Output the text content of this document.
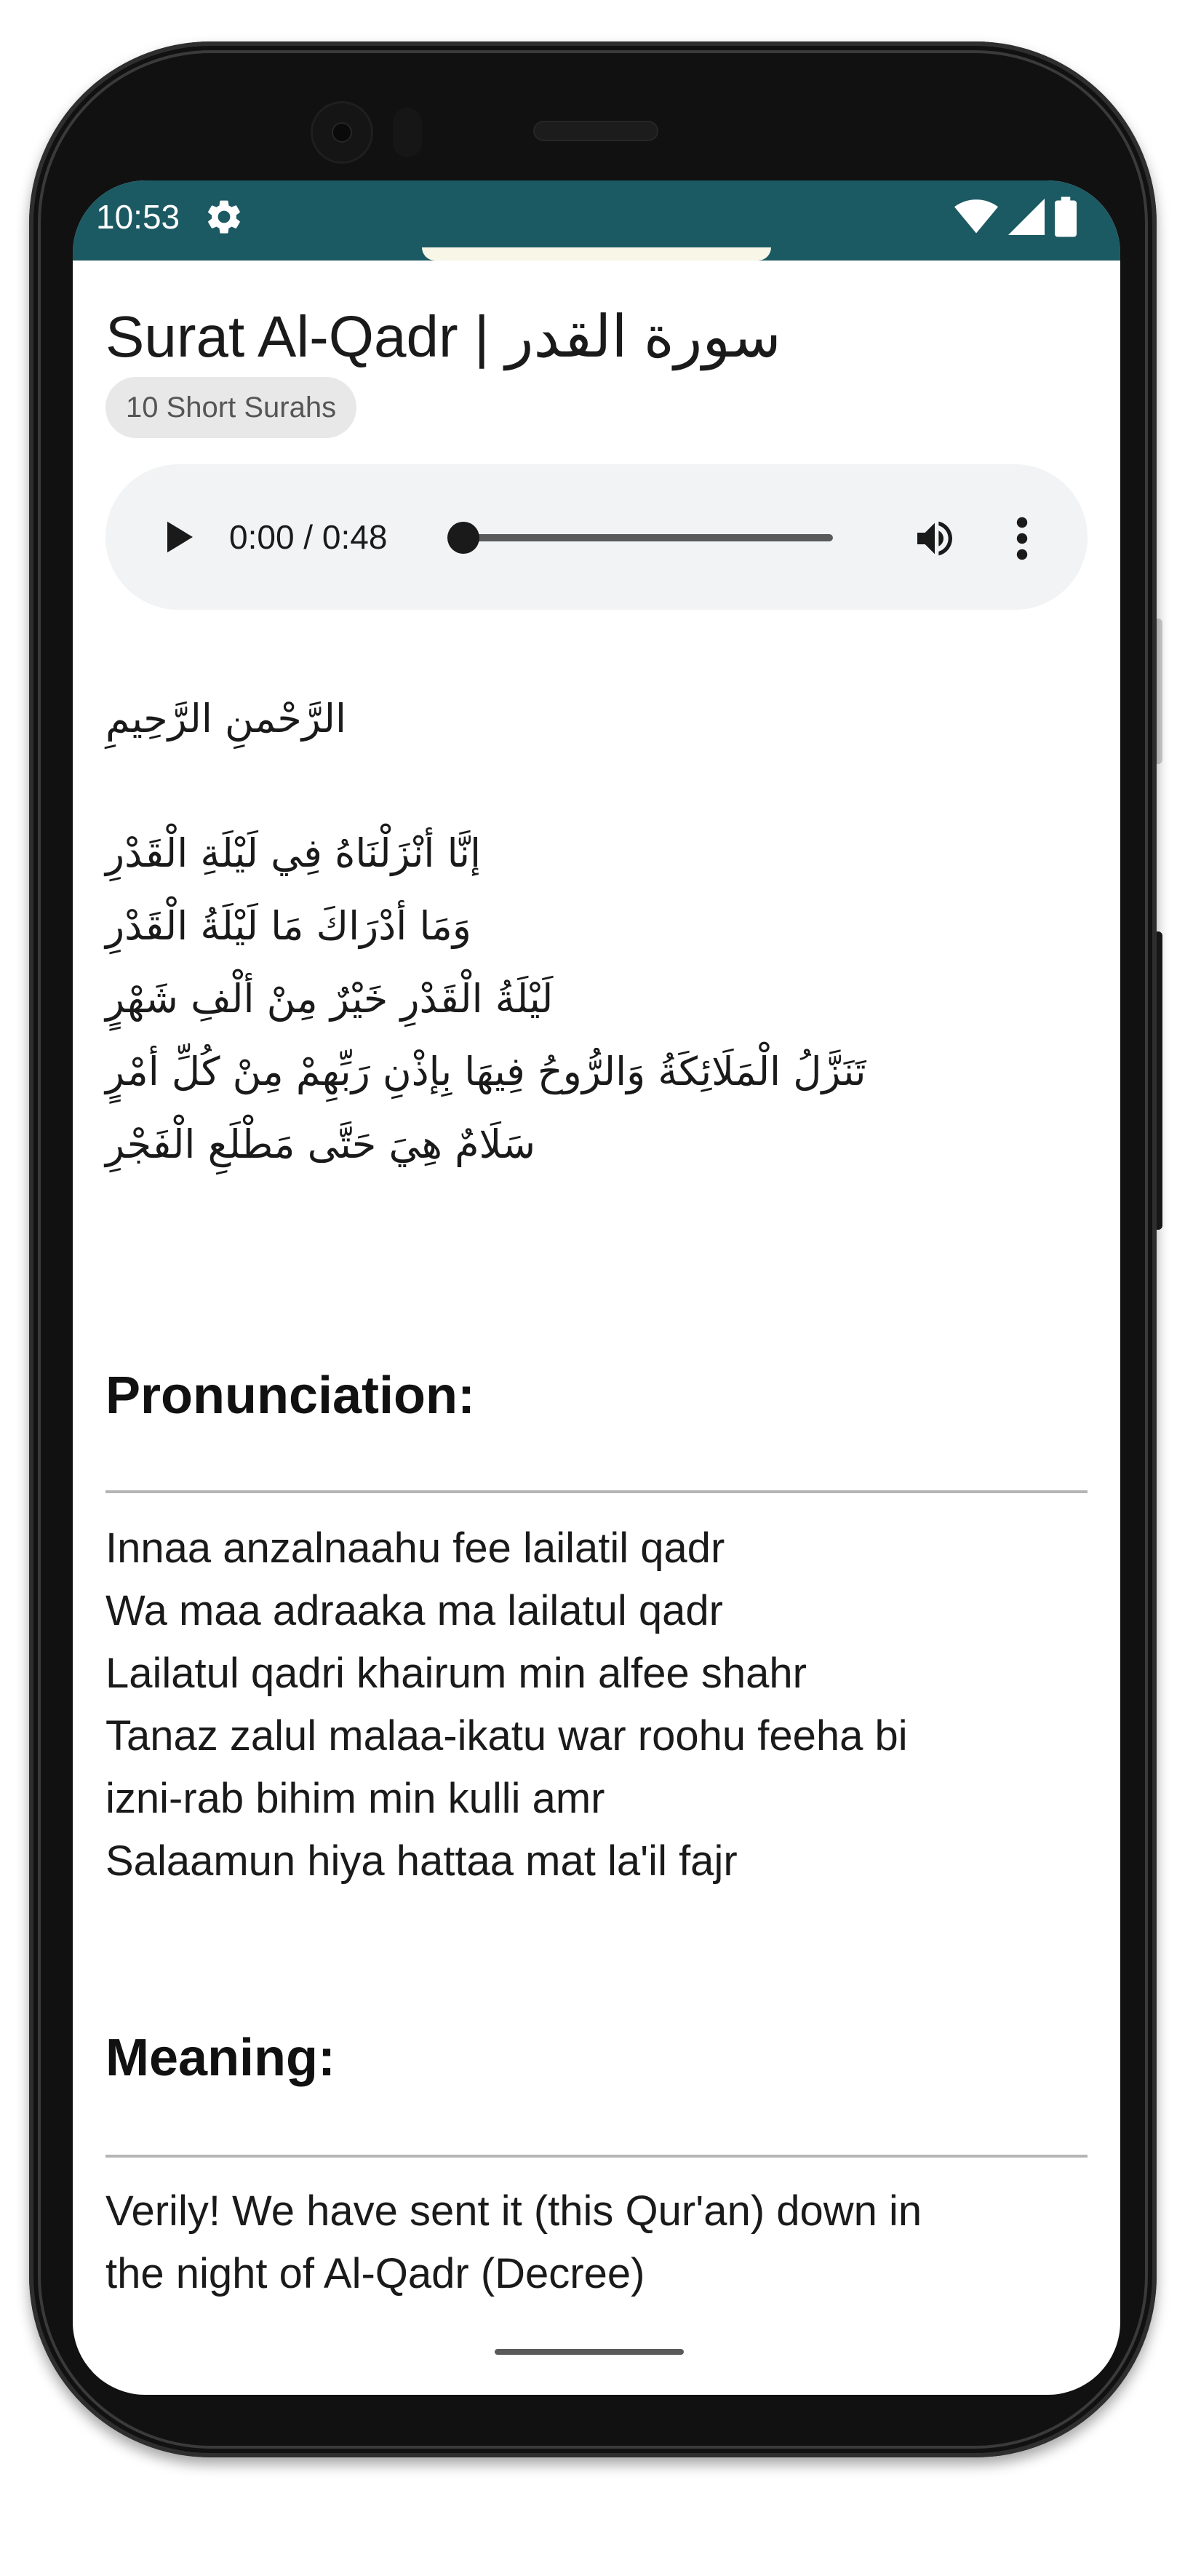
10:53
Surat Al-Qadr | سورة القدر
10 Short Surahs
0:00 / 0:48
الرَّحْمنِ الرَّحِيمِ
إنَّا أنْزَلْنَاهُ فِي لَيْلَةِ الْقَدْرِ
وَمَا أدْرَاكَ مَا لَيْلَةُ الْقَدْرِ
لَيْلَةُ الْقَدْرِ خَيْرٌ مِنْ ألْفِ شَهْرٍ
تَنَزَّلُ الْمَلَائِكَةُ وَالرُّوحُ فِيهَا بِإذْنِ رَبِّهِمْ مِنْ كُلِّ أمْرٍ
سَلَامٌ هِيَ حَتَّى مَطْلَعِ الْفَجْرِ
Pronunciation:
Innaa anzalnaahu fee lailatil qadr
Wa maa adraaka ma lailatul qadr
Lailatul qadri khairum min alfee shahr
Tanaz zalul malaa-ikatu war roohu feeha bi
izni-rab bihim min kulli amr
Salaamun hiya hattaa mat la'il fajr
Meaning:
Verily! We have sent it (this Qur'an) down in
the night of Al-Qadr (Decree)
